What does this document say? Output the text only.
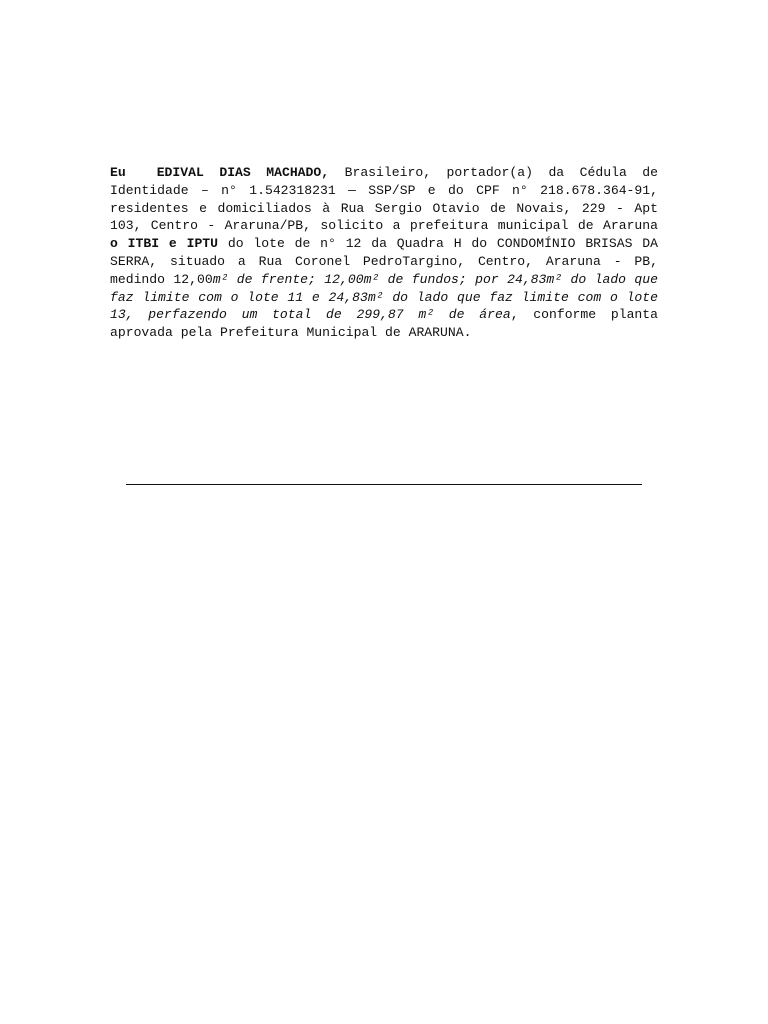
Eu EDIVAL DIAS MACHADO, Brasileiro, portador(a) da Cédula de Identidade – n° 1.542318231 — SSP/SP e do CPF n° 218.678.364-91, residentes e domiciliados à Rua Sergio Otavio de Novais, 229 - Apt 103, Centro - Araruna/PB, solicito a prefeitura municipal de Araruna o ITBI e IPTU do lote de n° 12 da Quadra H do CONDOMÍNIO BRISAS DA SERRA, situado a Rua Coronel PedroTargino, Centro, Araruna - PB, medindo 12,00m² de frente; 12,00m² de fundos; por 24,83m² do lado que faz limite com o lote 11 e 24,83m² do lado que faz limite com o lote 13, perfazendo um total de 299,87 m² de área, conforme planta aprovada pela Prefeitura Municipal de ARARUNA.
